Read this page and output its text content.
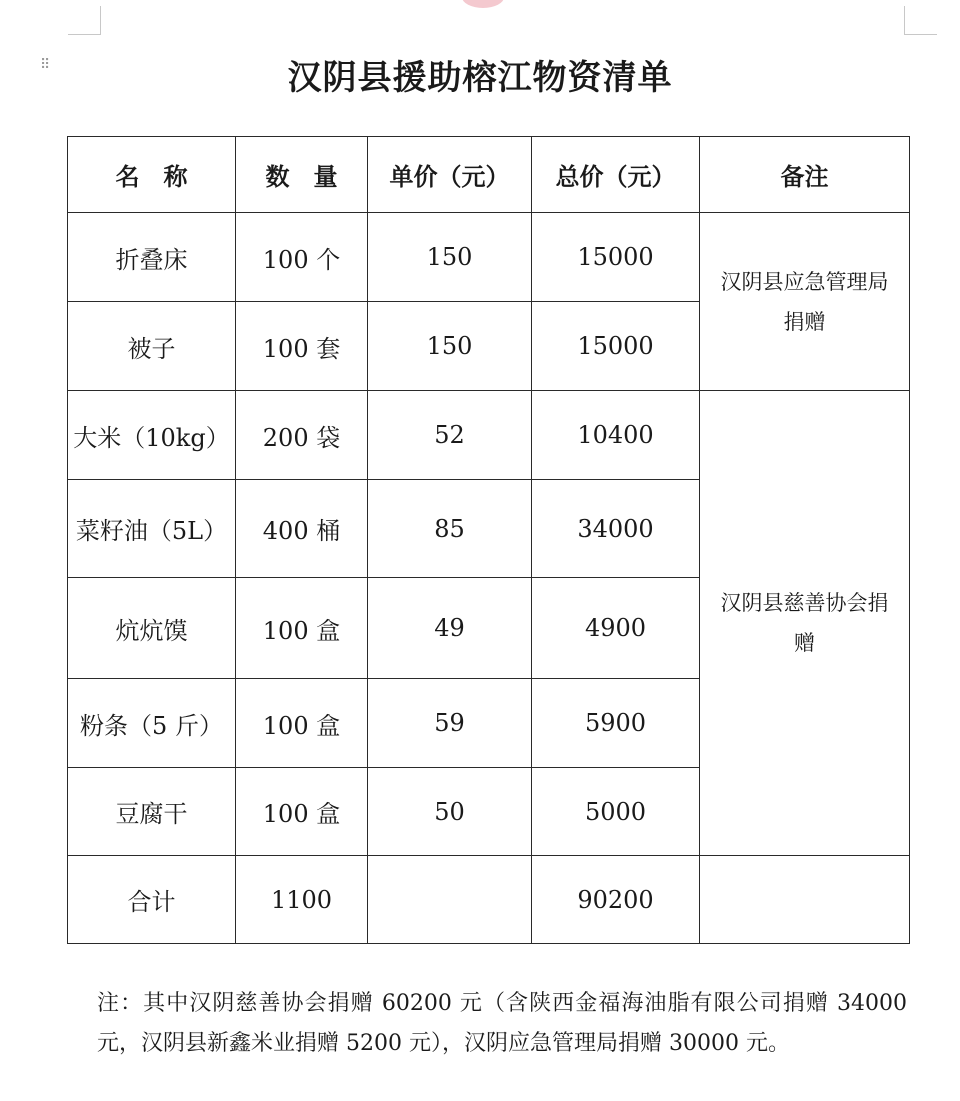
⠿	汉阴县援助榕江物资清单
名　称	数　量	单价（元）	总价（元）	备注
折叠床	100 个	150	15000	汉阴县应急管理局捐赠
被子	100 套	150	15000	
大米（10kg）	200 袋	52	10400	汉阴县慈善协会捐赠
菜籽油（5L）	400 桶	85	34000	
炕炕馍	100 盒	49	4900	
粉条（5 斤）	100 盒	59	5900	
豆腐干	100 盒	50	5000	
合计	1100		90200	
注：其中汉阴慈善协会捐赠 60200 元（含陕西金福海油脂有限公司捐赠 34000 元，汉阴县新鑫米业捐赠 5200 元），汉阴应急管理局捐赠 30000 元。
